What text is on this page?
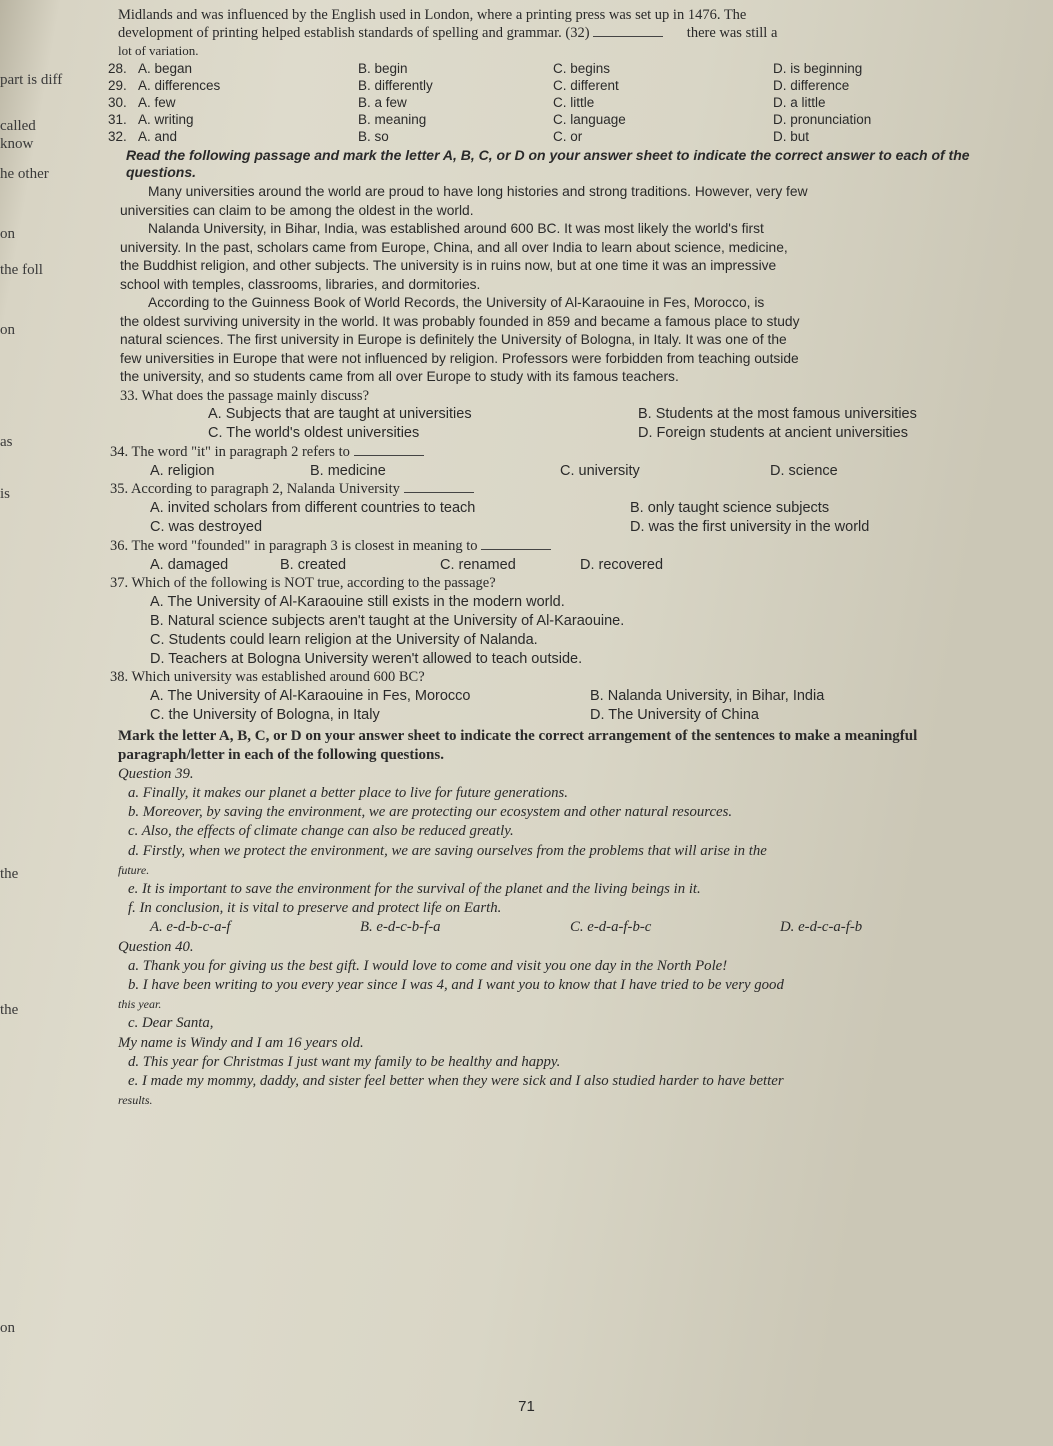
part is diff
called
know
he other
on
the foll
on
as
is
the
the
on
Midlands and was influenced by the English used in London, where a printing press was set up in 1476. The
development of printing helped establish standards of spelling and grammar. (32)	there was still a
lot of variation.
28. A. began	B. begin	C. begins	D. is beginning
29. A. differences	B. differently	C. different	D. difference
30. A. few	B. a few	C. little	D. a little
31. A. writing	B. meaning	C. language	D. pronunciation
32. A. and	B. so	C. or	D. but
Read the following passage and mark the letter A, B, C, or D on your answer sheet to indicate the correct answer to each of the questions.
Many universities around the world are proud to have long histories and strong traditions. However, very few
universities can claim to be among the oldest in the world.
Nalanda University, in Bihar, India, was established around 600 BC. It was most likely the world's first
university. In the past, scholars came from Europe, China, and all over India to learn about science, medicine,
the Buddhist religion, and other subjects. The university is in ruins now, but at one time it was an impressive
school with temples, classrooms, libraries, and dormitories.
According to the Guinness Book of World Records, the University of Al-Karaouine in Fes, Morocco, is
the oldest surviving university in the world. It was probably founded in 859 and became a famous place to study
natural sciences. The first university in Europe is definitely the University of Bologna, in Italy. It was one of the
few universities in Europe that were not influenced by religion. Professors were forbidden from teaching outside
the university, and so students came from all over Europe to study with its famous teachers.
33. What does the passage mainly discuss?
A. Subjects that are taught at universities	B. Students at the most famous universities
C. The world's oldest universities	D. Foreign students at ancient universities
34. The word "it" in paragraph 2 refers to
A. religion	B. medicine	C. university	D. science
35. According to paragraph 2, Nalanda University
A. invited scholars from different countries to teach	B. only taught science subjects
C. was destroyed	D. was the first university in the world
36. The word "founded" in paragraph 3 is closest in meaning to
A. damaged	B. created	C. renamed	D. recovered
37. Which of the following is NOT true, according to the passage?
A. The University of Al-Karaouine still exists in the modern world.
B. Natural science subjects aren't taught at the University of Al-Karaouine.
C. Students could learn religion at the University of Nalanda.
D. Teachers at Bologna University weren't allowed to teach outside.
38. Which university was established around 600 BC?
A. The University of Al-Karaouine in Fes, Morocco	B. Nalanda University, in Bihar, India
C. the University of Bologna, in Italy	D. The University of China
Mark the letter A, B, C, or D on your answer sheet to indicate the correct arrangement of the sentences to make a meaningful paragraph/letter in each of the following questions.
Question 39.
a. Finally, it makes our planet a better place to live for future generations.
b. Moreover, by saving the environment, we are protecting our ecosystem and other natural resources.
c. Also, the effects of climate change can also be reduced greatly.
d. Firstly, when we protect the environment, we are saving ourselves from the problems that will arise in the
future.
e. It is important to save the environment for the survival of the planet and the living beings in it.
f. In conclusion, it is vital to preserve and protect life on Earth.
A. e-d-b-c-a-f	B. e-d-c-b-f-a	C. e-d-a-f-b-c	D. e-d-c-a-f-b
Question 40.
a. Thank you for giving us the best gift. I would love to come and visit you one day in the North Pole!
b. I have been writing to you every year since I was 4, and I want you to know that I have tried to be very good
this year.
c. Dear Santa,
My name is Windy and I am 16 years old.
d. This year for Christmas I just want my family to be healthy and happy.
e. I made my mommy, daddy, and sister feel better when they were sick and I also studied harder to have better
results.
71
